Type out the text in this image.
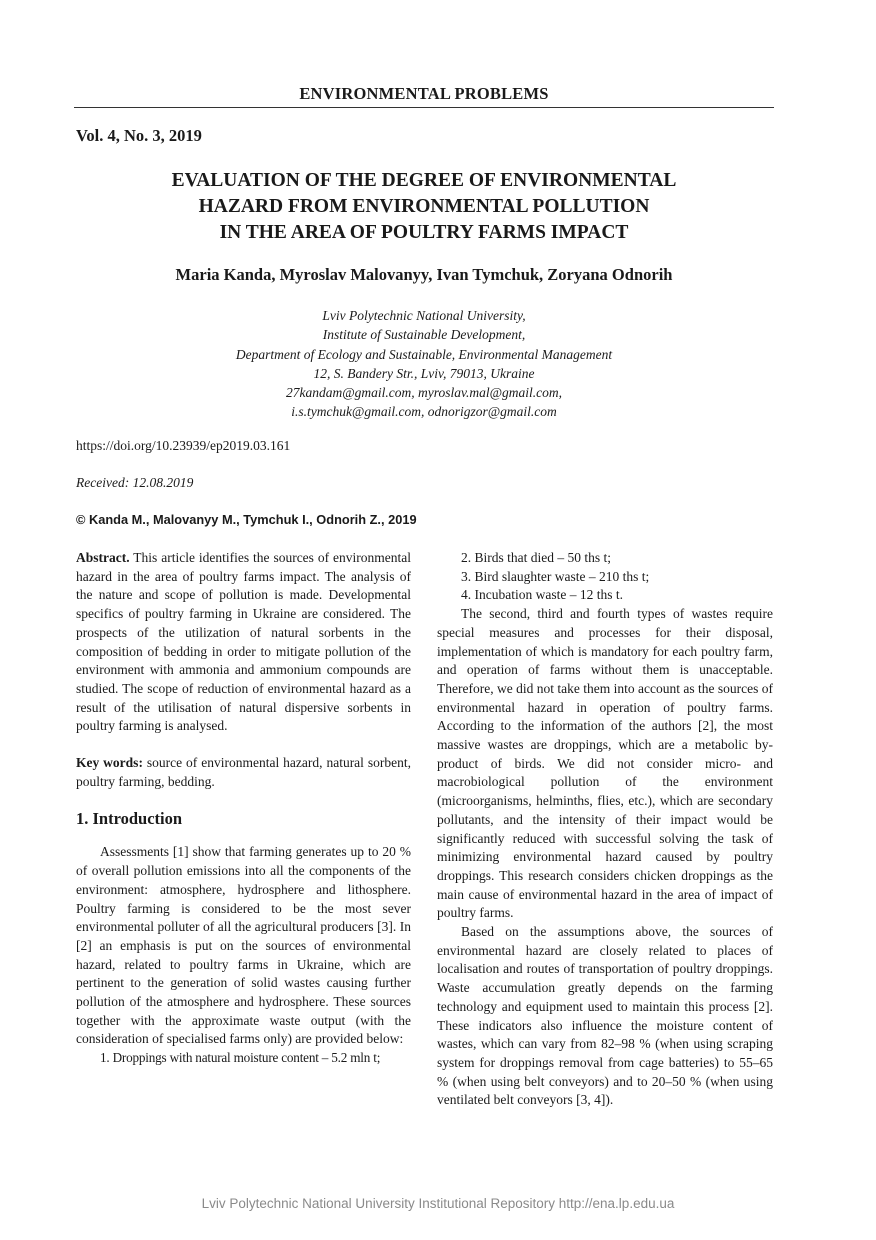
ENVIRONMENTAL PROBLEMS
Vol. 4, No. 3, 2019
EVALUATION OF THE DEGREE OF ENVIRONMENTAL
HAZARD FROM ENVIRONMENTAL POLLUTION
IN THE AREA OF POULTRY FARMS IMPACT
Maria Kanda, Myroslav Malovanyy, Ivan Tymchuk, Zoryana Odnorih
Lviv Polytechnic National University,
Institute of Sustainable Development,
Department of Ecology and Sustainable, Environmental Management
12, S. Bandery Str., Lviv, 79013, Ukraine
27kandam@gmail.com, myroslav.mal@gmail.com,
i.s.tymchuk@gmail.com, odnorigzor@gmail.com
https://doi.org/10.23939/ep2019.03.161
Received: 12.08.2019
© Kanda M., Malovanyy M., Tymchuk I., Odnorih Z., 2019

Abstract. This article identifies the sources of environmental hazard in the area of poultry farms impact. The analysis of the nature and scope of pollution is made. Developmental specifics of poultry farming in Ukraine are considered. The prospects of the utilization of natural sorbents in the composition of bedding in order to mitigate pollution of the environment with ammonia and ammonium compounds are studied. The scope of reduction of environmental hazard as a result of the utilisation of natural dispersive sorbents in poultry farming is analysed.

Key words: source of environmental hazard, natural sorbent, poultry farming, bedding.

1. Introduction

Assessments [1] show that farming generates up to 20 % of overall pollution emissions into all the components of the environment: atmosphere, hydrosphere and lithosphere. Poultry farming is considered to be the most sever environmental polluter of all the agricultural producers [3]. In [2] an emphasis is put on the sources of environmental hazard, related to poultry farms in Ukraine, which are pertinent to the generation of solid wastes causing further pollution of the atmosphere and hydrosphere. These sources together with the approximate waste output (with the consideration of specialised farms only) are provided below:

1. Droppings with natural moisture content – 5.2 mln t;

2. Birds that died – 50 ths t;

3. Bird slaughter waste – 210 ths t;

4. Incubation waste – 12 ths t.

The second, third and fourth types of wastes require special measures and processes for their disposal, implementation of which is mandatory for each poultry farm, and operation of farms without them is unacceptable. Therefore, we did not take them into account as the sources of environmental hazard in operation of poultry farms. According to the information of the authors [2], the most massive wastes are droppings, which are a metabolic by-product of birds. We did not consider micro- and macrobiological pollution of the environment (microorganisms, helminths, flies, etc.), which are secondary pollutants, and the intensity of their impact would be significantly reduced with successful solving the task of minimizing environmental hazard caused by poultry droppings. This research considers chicken droppings as the main cause of environmental hazard in the area of impact of poultry farms.

Based on the assumptions above, the sources of environmental hazard are closely related to places of localisation and routes of transportation of poultry droppings. Waste accumulation greatly depends on the farming technology and equipment used to maintain this process [2]. These indicators also influence the moisture content of wastes, which can vary from 82–98 % (when using scraping system for droppings removal from cage batteries) to 55–65 % (when using belt conveyors) and to 20–50 % (when using ventilated belt conveyors [3, 4]).

Lviv Polytechnic National University Institutional Repository http://ena.lp.edu.ua
